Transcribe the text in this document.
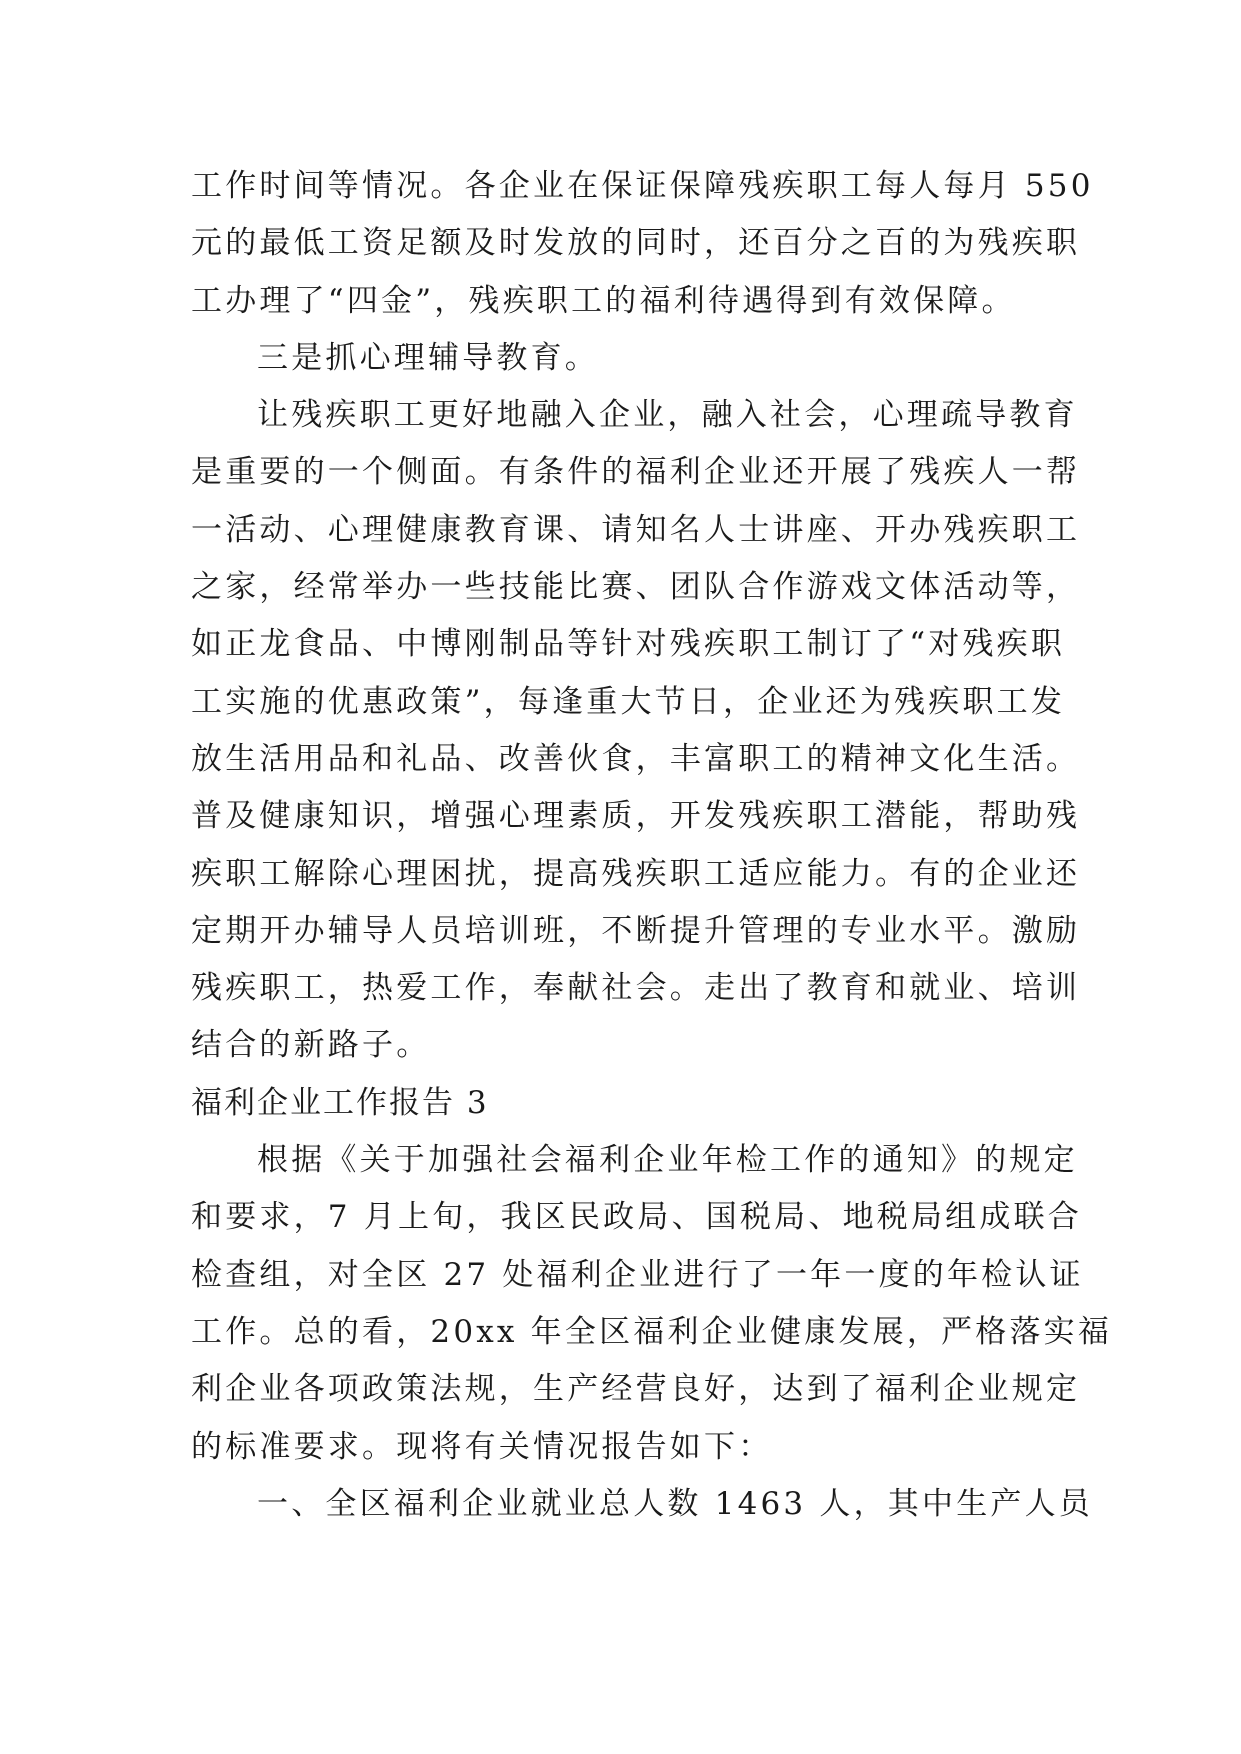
工作时间等情况。各企业在保证保障残疾职工每人每月 550
元的最低工资足额及时发放的同时，还百分之百的为残疾职
工办理了“四金”，残疾职工的福利待遇得到有效保障。
三是抓心理辅导教育。
让残疾职工更好地融入企业，融入社会，心理疏导教育
是重要的一个侧面。有条件的福利企业还开展了残疾人一帮
一活动、心理健康教育课、请知名人士讲座、开办残疾职工
之家，经常举办一些技能比赛、团队合作游戏文体活动等，
如正龙食品、中博刚制品等针对残疾职工制订了“对残疾职
工实施的优惠政策”，每逢重大节日，企业还为残疾职工发
放生活用品和礼品、改善伙食，丰富职工的精神文化生活。
普及健康知识，增强心理素质，开发残疾职工潜能，帮助残
疾职工解除心理困扰，提高残疾职工适应能力。有的企业还
定期开办辅导人员培训班，不断提升管理的专业水平。激励
残疾职工，热爱工作，奉献社会。走出了教育和就业、培训
结合的新路子。
福利企业工作报告 3
根据《关于加强社会福利企业年检工作的通知》的规定
和要求，7 月上旬，我区民政局、国税局、地税局组成联合
检查组，对全区 27 处福利企业进行了一年一度的年检认证
工作。总的看，20xx 年全区福利企业健康发展，严格落实福
利企业各项政策法规，生产经营良好，达到了福利企业规定
的标准要求。现将有关情况报告如下：
一、全区福利企业就业总人数 1463 人，其中生产人员
